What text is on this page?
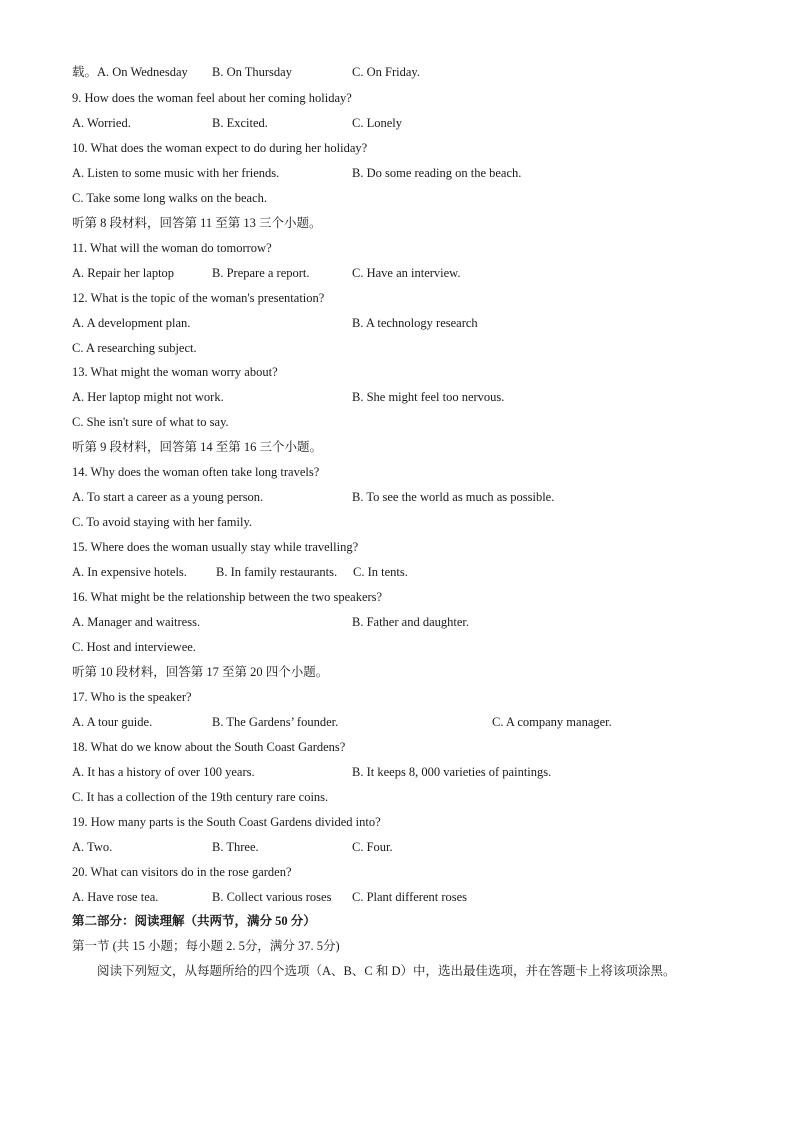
载。A. On Wednesday B. On Thursday	C. On Friday.
9. How does the woman feel about her coming holiday?
A. Worried.	B. Excited.	C. Lonely
10. What does the woman expect to do during her holiday?
A. Listen to some music with her friends.	B. Do some reading on the beach.
C. Take some long walks on the beach.
听第 8 段材料，回答第 11 至第 13 三个小题。
11. What will the woman do tomorrow?
A. Repair her laptop	B. Prepare a report.	C. Have an interview.
12. What is the topic of the woman's presentation?
A. A development plan.	B. A technology research
C. A researching subject.
13. What might the woman worry about?
A. Her laptop might not work.	B. She might feel too nervous.
C. She isn't sure of what to say.
听第 9 段材料，回答第 14 至第 16 三个小题。
14. Why does the woman often take long travels?
A. To start a career as a young person.	B. To see the world as much as possible.
C. To avoid staying with her family.
15. Where does the woman usually stay while travelling?
A. In expensive hotels. B. In family restaurants. C. In tents.
16. What might be the relationship between the two speakers?
A. Manager and waitress.	B. Father and daughter.
C. Host and interviewee.
听第 10 段材料，回答第 17 至第 20 四个小题。
17. Who is the speaker?
A. A tour guide.	B. The Gardens’ founder.	C. A company manager.
18. What do we know about the South Coast Gardens?
A. It has a history of over 100 years.	B. It keeps 8, 000 varieties of paintings.
C. It has a collection of the 19th century rare coins.
19. How many parts is the South Coast Gardens divided into?
A. Two.	B. Three.	C. Four.
20. What can visitors do in the rose garden?
A. Have rose tea.	B. Collect various roses C. Plant different roses
第二部分：阅读理解（共两节，满分 50 分）
第一节 (共 15 小题；每小题 2. 5分，满分 37. 5分)
阅读下列短文，从每题所给的四个选项（A、B、C 和 D）中，选出最佳选项，并在答题卡上将该项涂黑。
